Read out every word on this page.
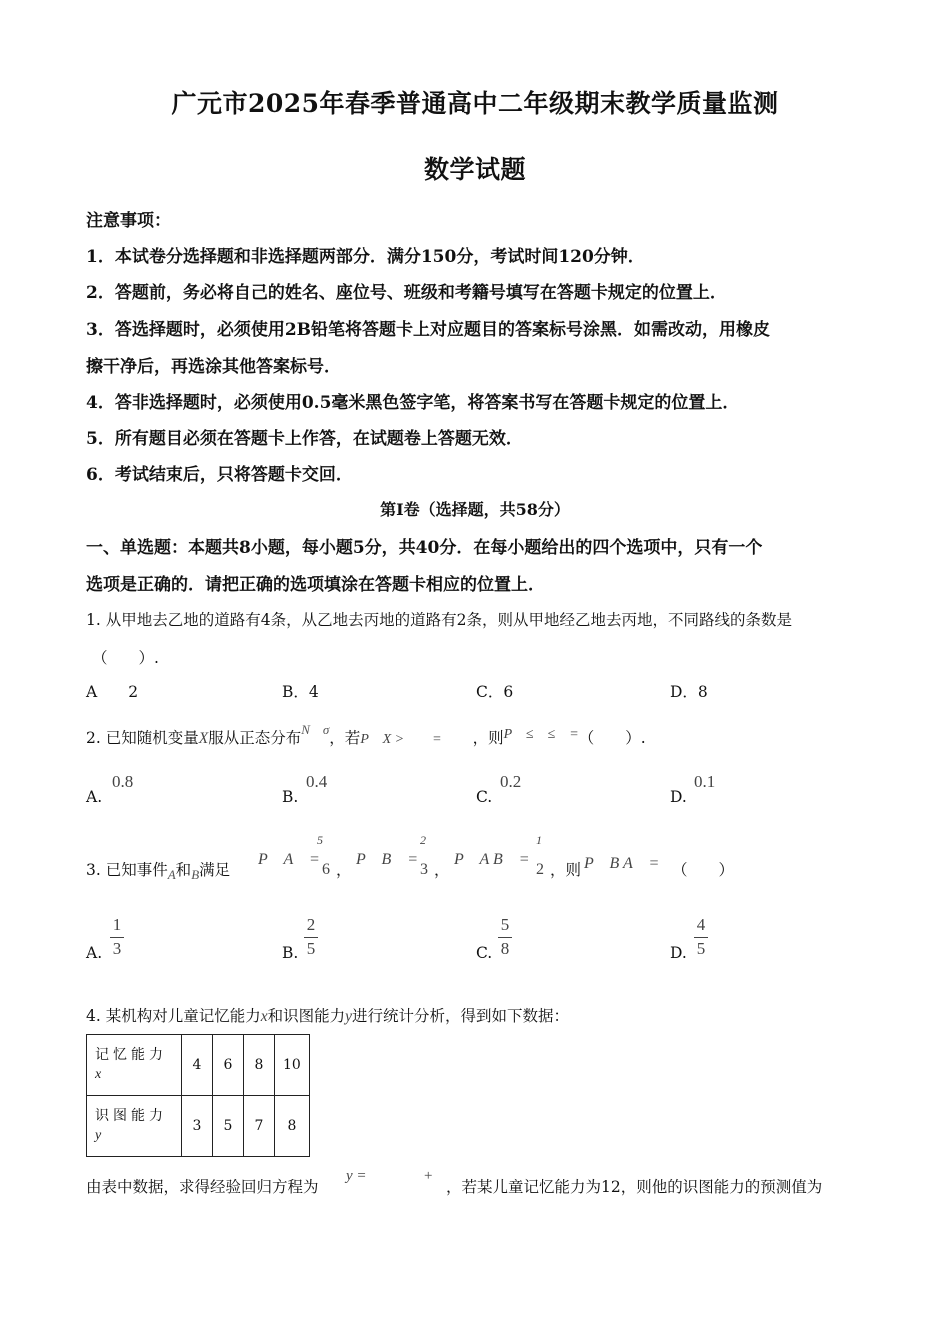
广元市2025年春季普通高中二年级期末教学质量监测
数学试题
注意事项：
1．本试卷分选择题和非选择题两部分．满分150分，考试时间120分钟．
2．答题前，务必将自己的姓名、座位号、班级和考籍号填写在答题卡规定的位置上．
3．答选择题时，必须使用2B铅笔将答题卡上对应题目的答案标号涂黑．如需改动，用橡皮
擦干净后，再选涂其他答案标号．
4．答非选择题时，必须使用0.5毫米黑色签字笔，将答案书写在答题卡规定的位置上．
5．所有题目必须在答题卡上作答，在试题卷上答题无效．
6．考试结束后，只将答题卡交回．
第Ⅰ卷（选择题，共58分）
一、单选题：本题共8小题，每小题5分，共40分．在每小题给出的四个选项中，只有一个
选项是正确的．请把正确的选项填涂在答题卡相应的位置上．
1. 从甲地去乙地的道路有4条，从乙地去丙地的道路有2条，则从甲地经乙地去丙地，不同路线的条数是
（　　）.
A　　2	B．4	C．6	D．8
2. 已知随机变量X服从正态分布$^{N \sigma}$，若P　X >　　=　　 ，则P　≤　≤　=（　　）.
A.
0.8
B.
0.4
C.
0.2
D.
0.1
3. 已知事件$_A$和$_B$满足
P　A　=
5
6 ，
P　B　=
2
3 ，
P　A B　=
1
2 ，则 P　B A　= （　　）
A. $\frac{1}{3}$	B. $\frac{2}{5}$	C. $\frac{5}{8}$	D. $\frac{4}{5}$
4. 某机构对儿童记忆能力x和识图能力y进行统计分析，得到如下数据：
记忆能力
x	4	6	8	10
识图能力
y	3	5	7	8
由表中数据，求得经验回归方程为
y =	+
，若某儿童记忆能力为12，则他的识图能力的预测值为
